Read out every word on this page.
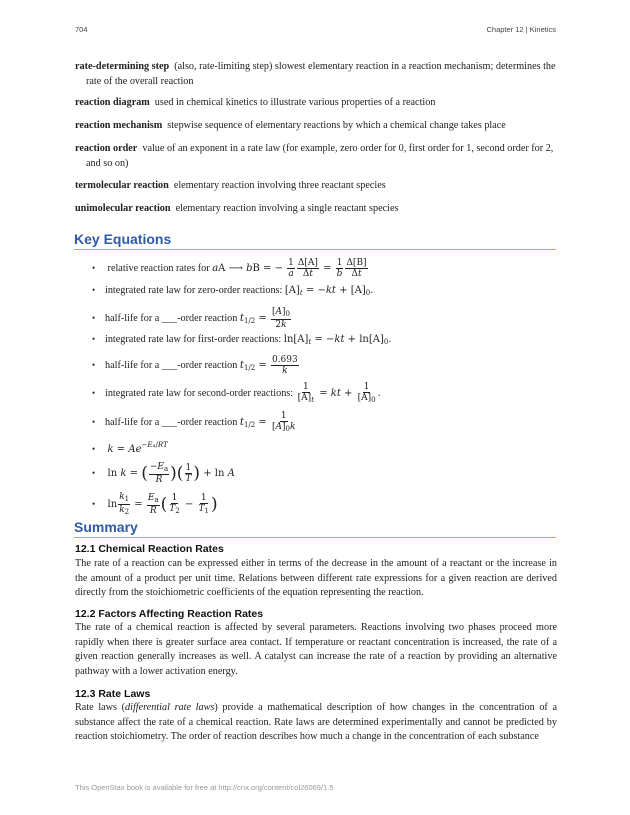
704	Chapter 12 | Kinetics
rate-determining step (also, rate-limiting step) slowest elementary reaction in a reaction mechanism; determines the rate of the overall reaction
reaction diagram used in chemical kinetics to illustrate various properties of a reaction
reaction mechanism stepwise sequence of elementary reactions by which a chemical change takes place
reaction order value of an exponent in a rate law (for example, zero order for 0, first order for 1, second order for 2, and so on)
termolecular reaction elementary reaction involving three reactant species
unimolecular reaction elementary reaction involving a single reactant species
Key Equations
• relative reaction rates for aA ⟶ bB = − $\frac{1}{a} \frac{\Delta[A]}{\Delta t} = \frac{1}{b} \frac{\Delta[B]}{\Delta t}$
• integrated rate law for zero-order reactions: $[A]_t = -kt + [A]_0$.
• half-life for a ___-order reaction $t_{1/2} = \frac{[A]_0}{2k}$
• integrated rate law for first-order reactions: $\ln[A]_t = -kt + \ln[A]_0$.
• half-life for a ___-order reaction $t_{1/2} = \frac{0.693}{k}$
• integrated rate law for second-order reactions: $\frac{1}{[A]_t}$ = kt + $\frac{1}{[A]_0}$ .
• half-life for a ___-order reaction $t_{1/2} = \frac{1}{[A]_0k}$
• $k = Ae^{-Ea/RT}$
• ln k = ( $\frac{-E_a}{R}$ )( $\frac{1}{T}$ ) + ln A
• $\ln \frac{k_1}{k_2} = \frac{E_a}{R}$ ( $\frac{1}{T_2} - \frac{1}{T_1}$ )
Summary
12.1 Chemical Reaction Rates
The rate of a reaction can be expressed either in terms of the decrease in the amount of a reactant or the increase in the amount of a product per unit time. Relations between different rate expressions for a given reaction are derived directly from the stoichiometric coefficients of the equation representing the reaction.
12.2 Factors Affecting Reaction Rates
The rate of a chemical reaction is affected by several parameters. Reactions involving two phases proceed more rapidly when there is greater surface area contact. If temperature or reactant concentration is increased, the rate of a given reaction generally increases as well. A catalyst can increase the rate of a reaction by providing an alternative pathway with a lower activation energy.
12.3 Rate Laws
Rate laws (differential rate laws) provide a mathematical description of how changes in the concentration of a substance affect the rate of a chemical reaction. Rate laws are determined experimentally and cannot be predicted by reaction stoichiometry. The order of reaction describes how much a change in the concentration of each substance
This OpenStax book is available for free at http://cnx.org/content/col26069/1.5
